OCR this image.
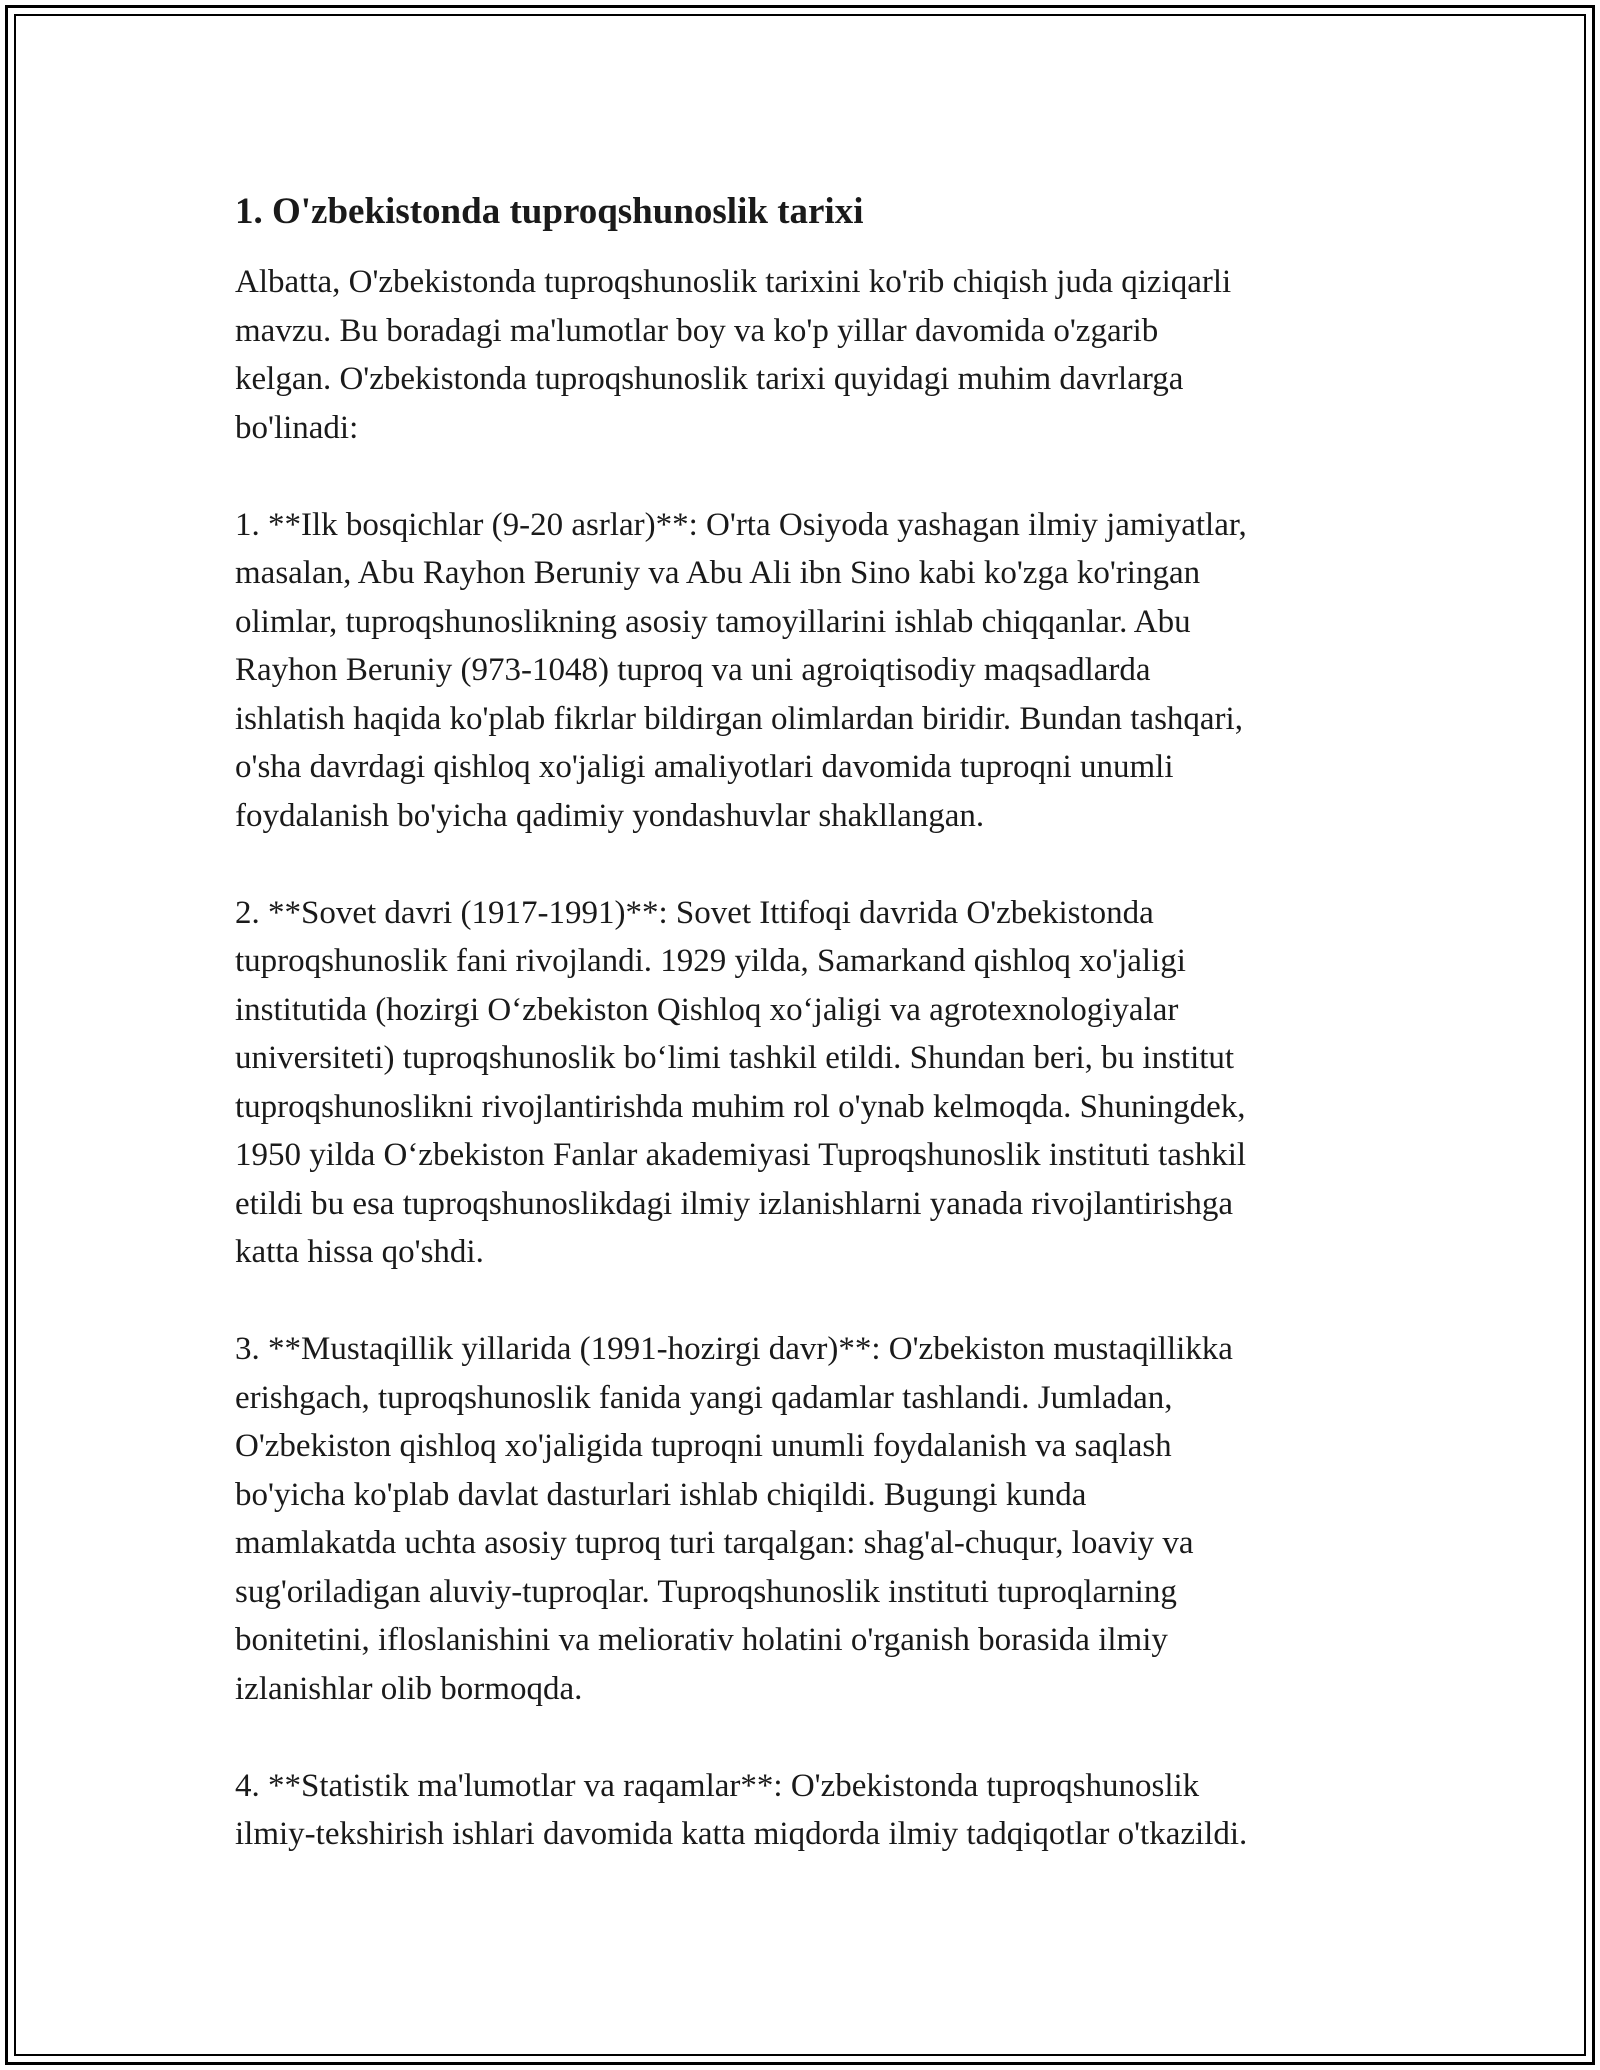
1. O'zbekistonda tuproqshunoslik tarixi

Albatta, O'zbekistonda tuproqshunoslik tarixini ko'rib chiqish juda qiziqarli
mavzu. Bu boradagi ma'lumotlar boy va ko'p yillar davomida o'zgarib
kelgan. O'zbekistonda tuproqshunoslik tarixi quyidagi muhim davrlarga
bo'linadi:

1. **Ilk bosqichlar (9-20 asrlar)**: O'rta Osiyoda yashagan ilmiy jamiyatlar,
masalan, Abu Rayhon Beruniy va Abu Ali ibn Sino kabi ko'zga ko'ringan
olimlar, tuproqshunoslikning asosiy tamoyillarini ishlab chiqqanlar. Abu
Rayhon Beruniy (973-1048) tuproq va uni agroiqtisodiy maqsadlarda
ishlatish haqida ko'plab fikrlar bildirgan olimlardan biridir. Bundan tashqari,
o'sha davrdagi qishloq xo'jaligi amaliyotlari davomida tuproqni unumli
foydalanish bo'yicha qadimiy yondashuvlar shakllangan.

2. **Sovet davri (1917-1991)**: Sovet Ittifoqi davrida O'zbekistonda
tuproqshunoslik fani rivojlandi. 1929 yilda, Samarkand qishloq xo'jaligi
institutida (hozirgi O‘zbekiston Qishloq xo‘jaligi va agrotexnologiyalar
universiteti) tuproqshunoslik bo‘limi tashkil etildi. Shundan beri, bu institut
tuproqshunoslikni rivojlantirishda muhim rol o'ynab kelmoqda. Shuningdek,
1950 yilda O‘zbekiston Fanlar akademiyasi Tuproqshunoslik instituti tashkil
etildi bu esa tuproqshunoslikdagi ilmiy izlanishlarni yanada rivojlantirishga
katta hissa qo'shdi.

3. **Mustaqillik yillarida (1991-hozirgi davr)**: O'zbekiston mustaqillikka
erishgach, tuproqshunoslik fanida yangi qadamlar tashlandi. Jumladan,
O'zbekiston qishloq xo'jaligida tuproqni unumli foydalanish va saqlash
bo'yicha ko'plab davlat dasturlari ishlab chiqildi. Bugungi kunda
mamlakatda uchta asosiy tuproq turi tarqalgan: shag'al-chuqur, loaviy va
sug'oriladigan aluviy-tuproqlar. Tuproqshunoslik instituti tuproqlarning
bonitetini, ifloslanishini va meliorativ holatini o'rganish borasida ilmiy
izlanishlar olib bormoqda.

4. **Statistik ma'lumotlar va raqamlar**: O'zbekistonda tuproqshunoslik
ilmiy-tekshirish ishlari davomida katta miqdorda ilmiy tadqiqotlar o'tkazildi.
